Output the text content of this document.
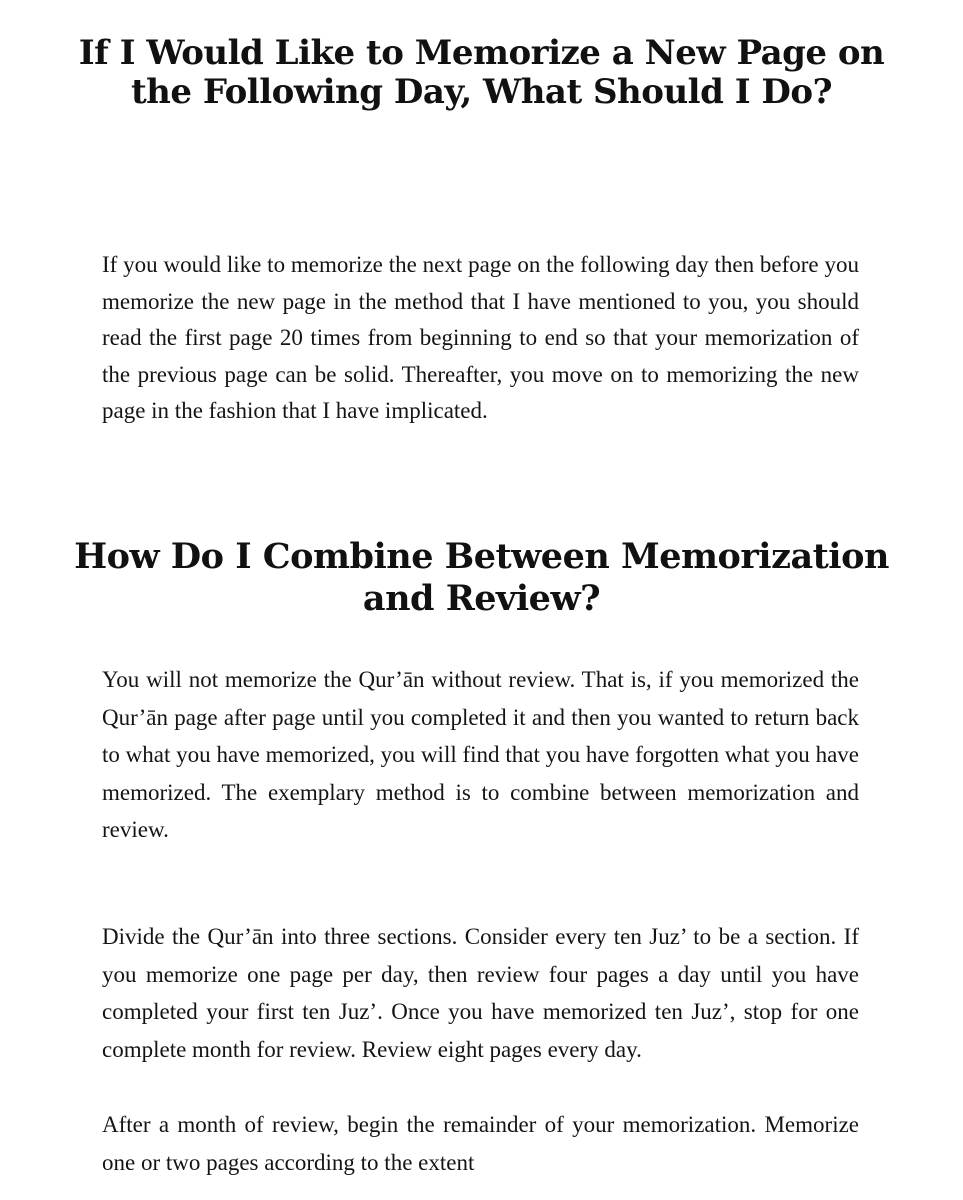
If I Would Like to Memorize a New Page on the Following Day, What Should I Do?

If you would like to memorize the next page on the following day then before you memorize the new page in the method that I have mentioned to you, you should read the first page 20 times from beginning to end so that your memorization of the previous page can be solid. Thereafter, you move on to memorizing the new page in the fashion that I have implicated.

How Do I Combine Between Memorization and Review?

You will not memorize the Qur’ān without review. That is, if you memorized the Qur’ān page after page until you completed it and then you wanted to return back to what you have memorized, you will find that you have forgotten what you have memorized. The exemplary method is to combine between memorization and review.

Divide the Qur’ān into three sections. Consider every ten Juz’ to be a section. If you memorize one page per day, then review four pages a day until you have completed your first ten Juz’. Once you have memorized ten Juz’, stop for one complete month for review. Review eight pages every day.

After a month of review, begin the remainder of your memorization. Memorize one or two pages according to the extent
